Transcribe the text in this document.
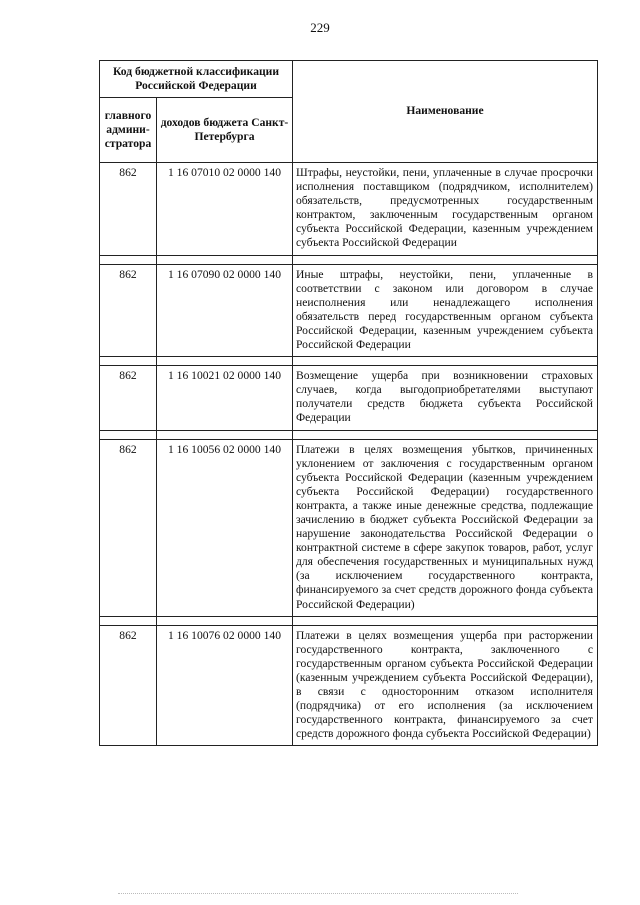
229
Код бюджетной классификации Российской Федерации		Наименование
главного админи-стратора	доходов бюджета Санкт-Петербурга	
862	1 16 07010 02 0000 140	Штрафы, неустойки, пени, уплаченные в случае просрочки исполнения поставщиком (подрядчиком, исполнителем) обязательств, предусмотренных государственным контрактом, заключенным государственным органом субъекта Российской Федерации, казенным учреждением субъекта Российской Федерации

862	1 16 07090 02 0000 140	Иные штрафы, неустойки, пени, уплаченные в соответствии с законом или договором в случае неисполнения или ненадлежащего исполнения обязательств перед государственным органом субъекта Российской Федерации, казенным учреждением субъекта Российской Федерации

862	1 16 10021 02 0000 140	Возмещение ущерба при возникновении страховых случаев, когда выгодоприобретателями выступают получатели средств бюджета субъекта Российской Федерации

862	1 16 10056 02 0000 140	Платежи в целях возмещения убытков, причиненных уклонением от заключения с государственным органом субъекта Российской Федерации (казенным учреждением субъекта Российской Федерации) государственного контракта, а также иные денежные средства, подлежащие зачислению в бюджет субъекта Российской Федерации за нарушение законодательства Российской Федерации о контрактной системе в сфере закупок товаров, работ, услуг для обеспечения государственных и муниципальных нужд (за исключением государственного контракта, финансируемого за счет средств дорожного фонда субъекта Российской Федерации)

862	1 16 10076 02 0000 140	Платежи в целях возмещения ущерба при расторжении государственного контракта, заключенного с государственным органом субъекта Российской Федерации (казенным учреждением субъекта Российской Федерации), в связи с односторонним отказом исполнителя (подрядчика) от его исполнения (за исключением государственного контракта, финансируемого за счет средств дорожного фонда субъекта Российской Федерации)
